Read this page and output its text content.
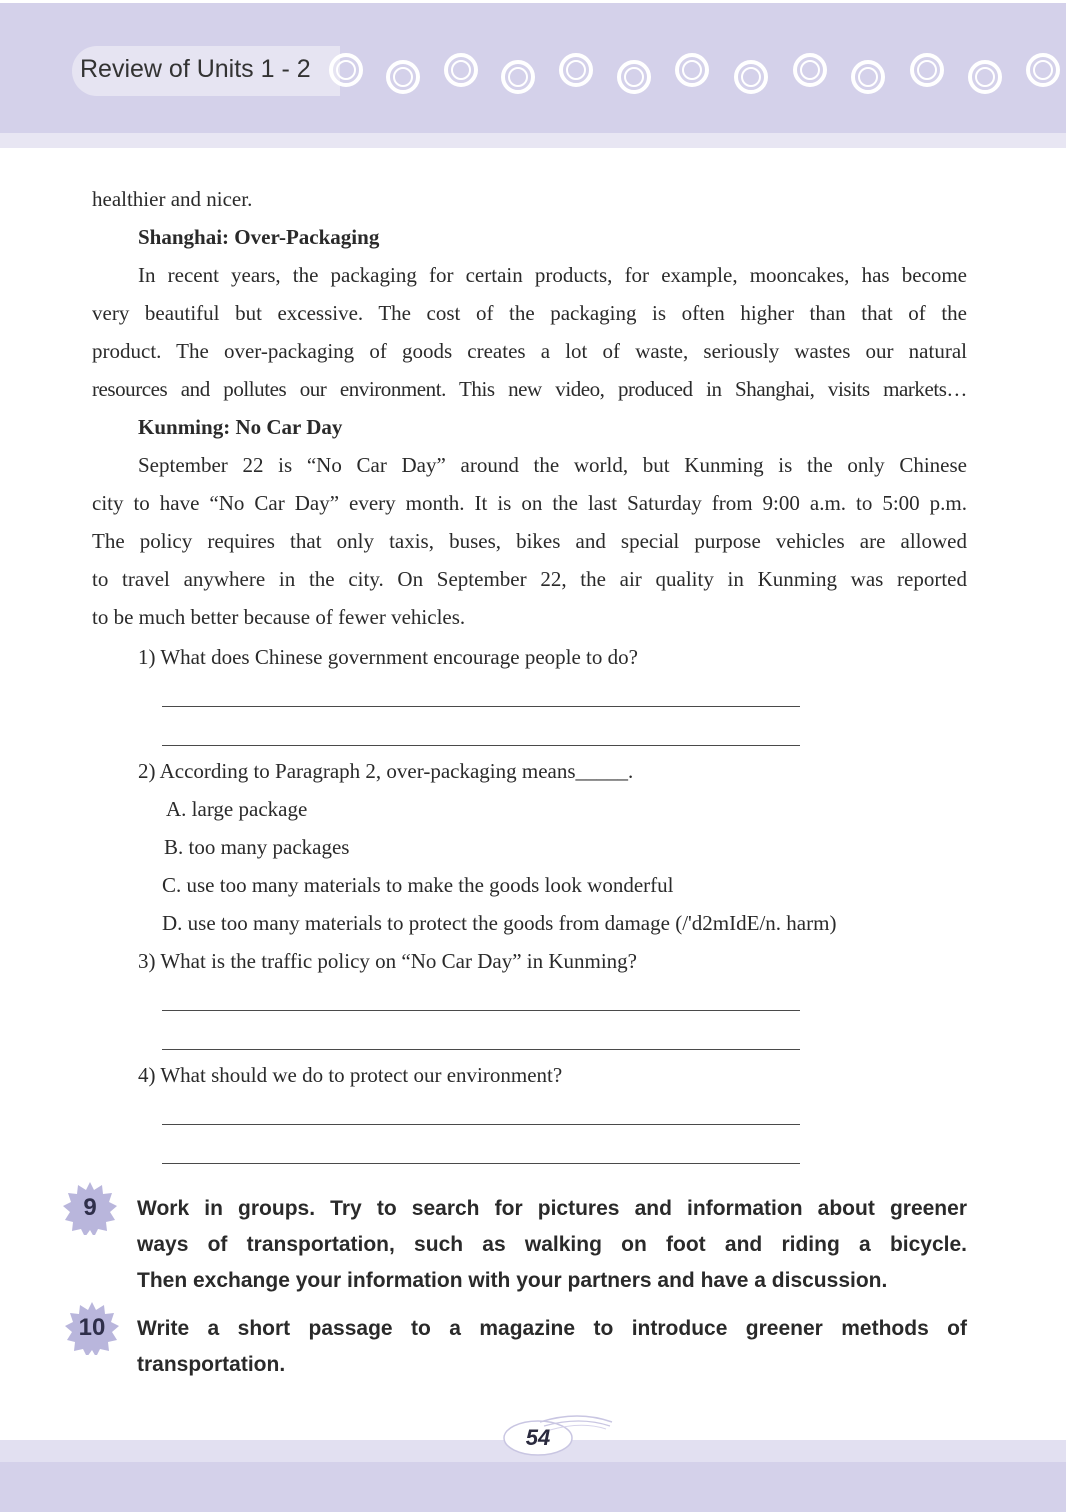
Review of Units 1 - 2
healthier and nicer.
Shanghai: Over-Packaging
In recent years, the packaging for certain products, for example, mooncakes, has become
very beautiful but excessive. The cost of the packaging is often higher than that of the
product. The over-packaging of goods creates a lot of waste, seriously wastes our natural
resources and pollutes our environment. This new video, produced in Shanghai, visits markets…
Kunming: No Car Day
September 22 is “No Car Day” around the world, but Kunming is the only Chinese
city to have “No Car Day” every month. It is on the last Saturday from 9:00 a.m. to 5:00 p.m.
The policy requires that only taxis, buses, bikes and special purpose vehicles are allowed
to travel anywhere in the city. On September 22, the air quality in Kunming was reported
to be much better because of fewer vehicles.
1) What does Chinese government encourage people to do?
2) According to Paragraph 2, over-packaging means_____.
A. large package
B. too many packages
C. use too many materials to make the goods look wonderful
D. use too many materials to protect the goods from damage (/'d2mIdE/n. harm)
3) What is the traffic policy on “No Car Day” in Kunming?
4) What should we do to protect our environment?
9	Work in groups. Try to search for pictures and information about greener
ways of transportation, such as walking on foot and riding a bicycle.
Then exchange your information with your partners and have a discussion.
10	Write a short passage to a magazine to introduce greener methods of
transportation.
54
